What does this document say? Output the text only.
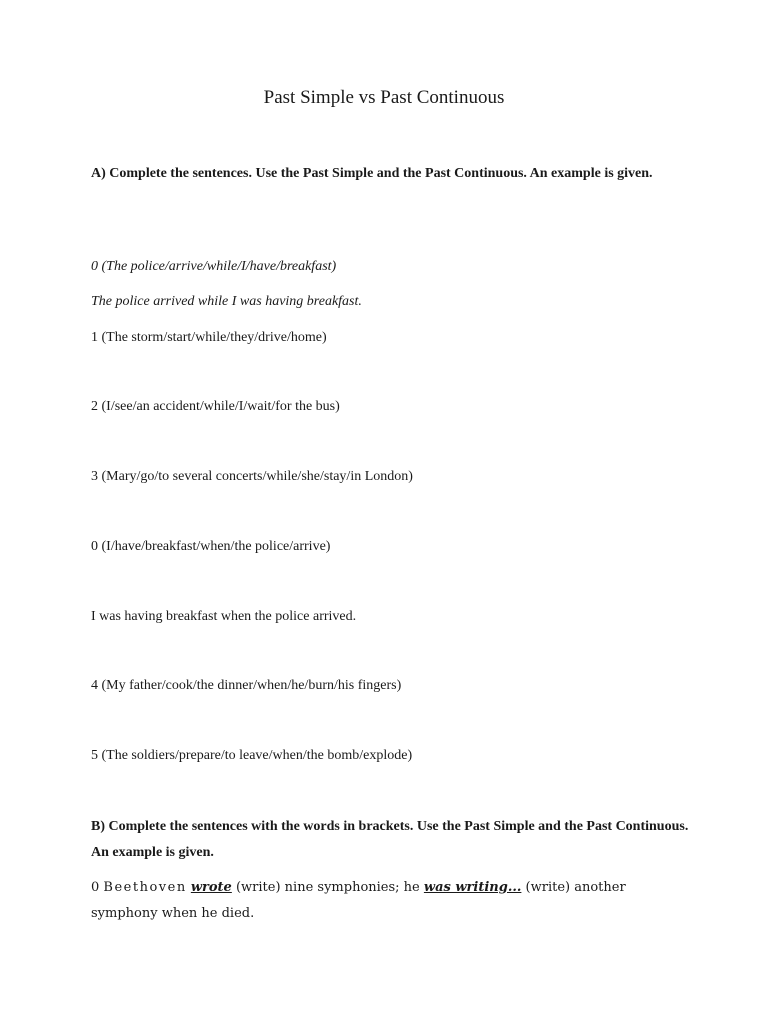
Past Simple vs Past Continuous
A) Complete the sentences. Use the Past Simple and the Past Continuous. An example is given.
0 (The police/arrive/while/I/have/breakfast)
The police arrived while I was having breakfast.
1 (The storm/start/while/they/drive/home)
2 (I/see/an accident/while/I/wait/for the bus)
3 (Mary/go/to several concerts/while/she/stay/in London)
0 (I/have/breakfast/when/the police/arrive)
I was having breakfast when the police arrived.
4 (My father/cook/the dinner/when/he/burn/his fingers)
5 (The soldiers/prepare/to leave/when/the bomb/explode)
B) Complete the sentences with the words in brackets. Use the Past Simple and the Past Continuous. An example is given.
0 Beethoven wrote (write) nine symphonies; he was writing... (write) another symphony when he died.
